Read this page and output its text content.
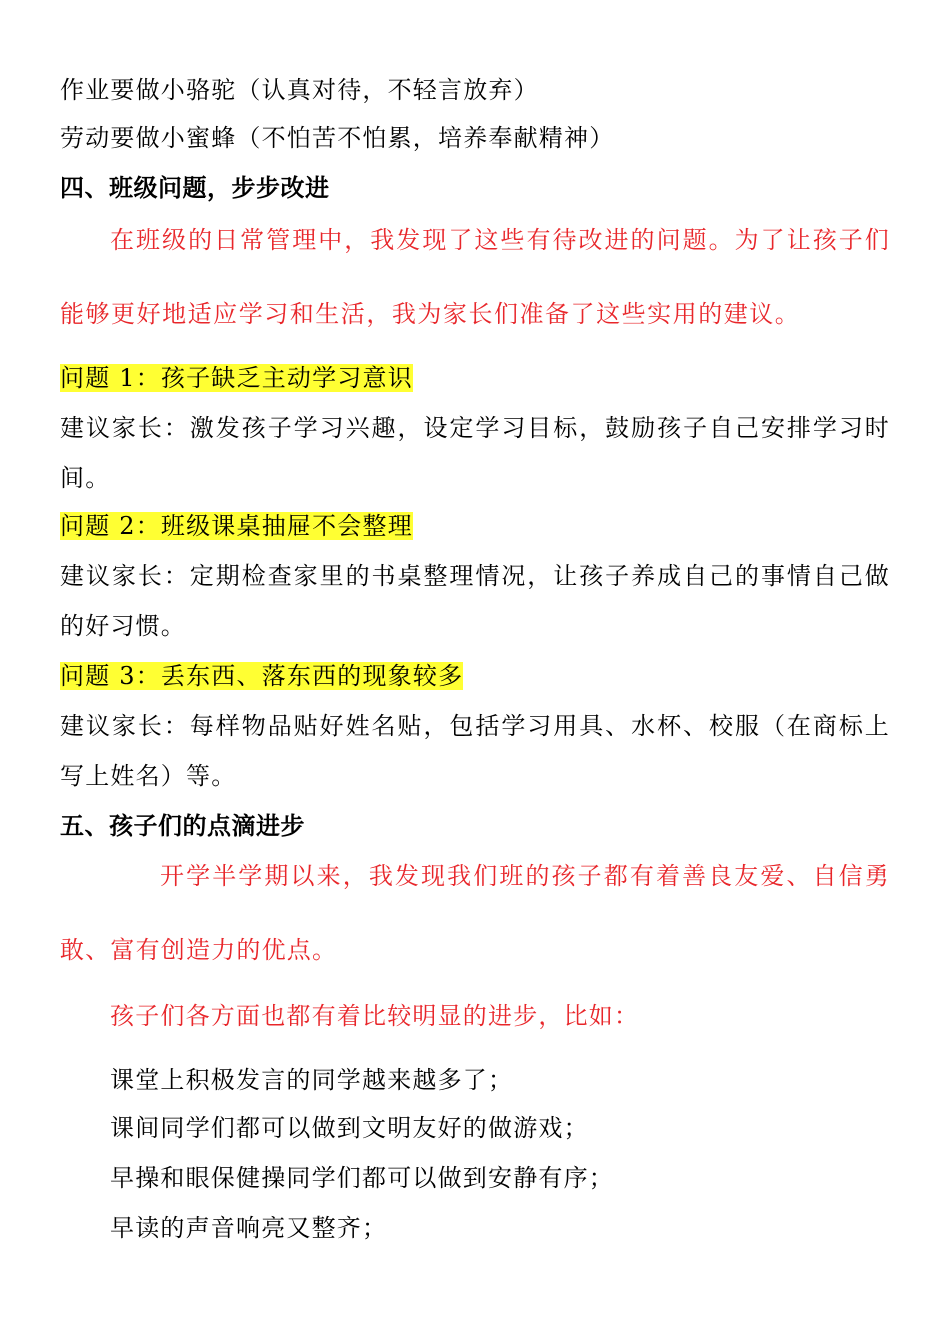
作业要做小骆驼（认真对待，不轻言放弃）
劳动要做小蜜蜂（不怕苦不怕累，培养奉献精神）
四、班级问题，步步改进
在班级的日常管理中，我发现了这些有待改进的问题。为了让孩子们
能够更好地适应学习和生活，我为家长们准备了这些实用的建议。
问题 1：孩子缺乏主动学习意识
建议家长：激发孩子学习兴趣，设定学习目标，鼓励孩子自己安排学习时
间。
问题 2：班级课桌抽屉不会整理
建议家长：定期检查家里的书桌整理情况，让孩子养成自己的事情自己做
的好习惯。
问题 3：丢东西、落东西的现象较多
建议家长：每样物品贴好姓名贴，包括学习用具、水杯、校服（在商标上
写上姓名）等。
五、孩子们的点滴进步
开学半学期以来，我发现我们班的孩子都有着善良友爱、自信勇
敢、富有创造力的优点。
孩子们各方面也都有着比较明显的进步，比如：
课堂上积极发言的同学越来越多了；
课间同学们都可以做到文明友好的做游戏；
早操和眼保健操同学们都可以做到安静有序；
早读的声音响亮又整齐；
